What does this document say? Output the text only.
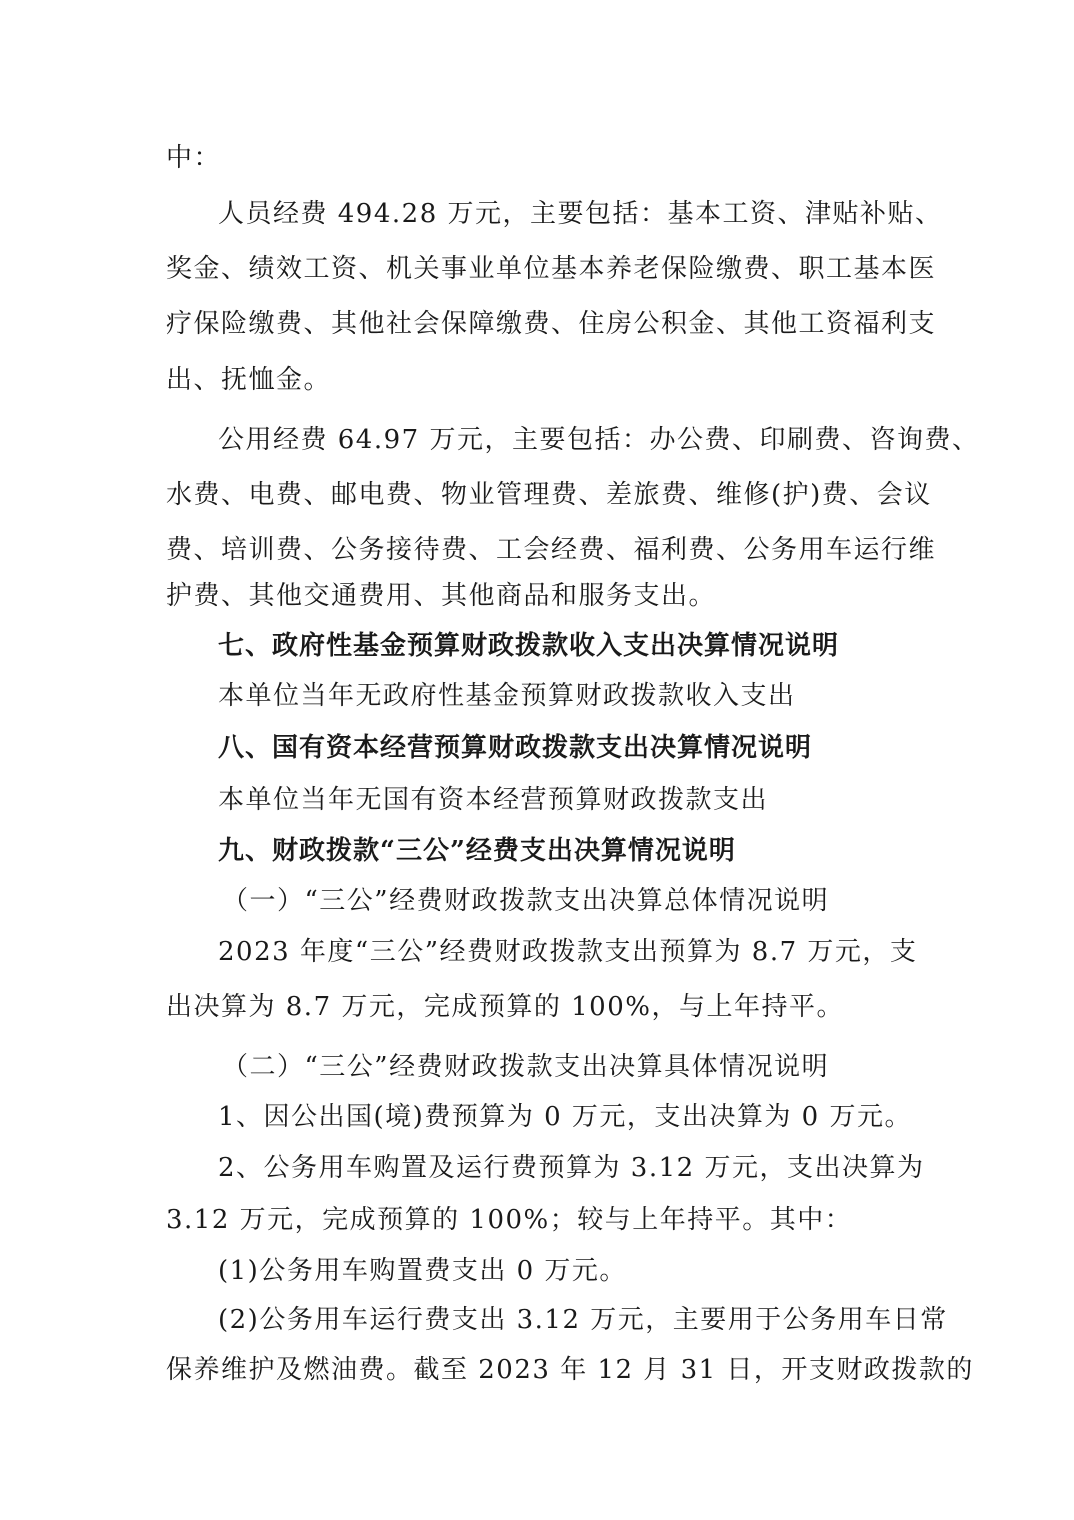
中：
人员经费 494.28 万元，主要包括：基本工资、津贴补贴、
奖金、绩效工资、机关事业单位基本养老保险缴费、职工基本医
疗保险缴费、其他社会保障缴费、住房公积金、其他工资福利支
出、抚恤金。
公用经费 64.97 万元，主要包括：办公费、印刷费、咨询费、
水费、电费、邮电费、物业管理费、差旅费、维修(护)费、会议
费、培训费、公务接待费、工会经费、福利费、公务用车运行维
护费、其他交通费用、其他商品和服务支出。
七、政府性基金预算财政拨款收入支出决算情况说明
本单位当年无政府性基金预算财政拨款收入支出
八、国有资本经营预算财政拨款支出决算情况说明
本单位当年无国有资本经营预算财政拨款支出
九、财政拨款“三公”经费支出决算情况说明
（一）“三公”经费财政拨款支出决算总体情况说明
2023 年度“三公”经费财政拨款支出预算为 8.7 万元，支
出决算为 8.7 万元，完成预算的 100%，与上年持平。
（二）“三公”经费财政拨款支出决算具体情况说明
1、因公出国(境)费预算为 0 万元，支出决算为 0 万元。
2、公务用车购置及运行费预算为 3.12 万元，支出决算为
3.12 万元，完成预算的 100%；较与上年持平。其中：
(1)公务用车购置费支出 0 万元。
(2)公务用车运行费支出 3.12 万元，主要用于公务用车日常
保养维护及燃油费。截至 2023 年 12 月 31 日，开支财政拨款的
